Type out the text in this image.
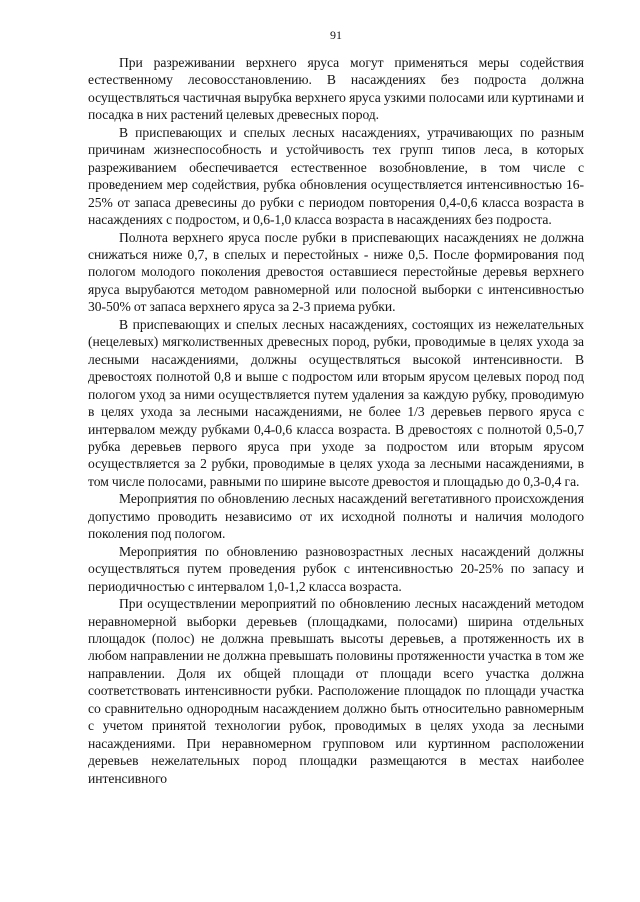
91

При разреживании верхнего яруса могут применяться меры содействия естественному лесовосстановлению. В насаждениях без подроста должна осуществляться частичная вырубка верхнего яруса узкими полосами или куртинами и посадка в них растений целевых древесных пород.

В приспевающих и спелых лесных насаждениях, утрачивающих по разным причинам жизнеспособность и устойчивость тех групп типов леса, в которых разреживанием обеспечивается естественное возобновление, в том числе с проведением мер содействия, рубка обновления осуществляется интенсивностью 16-25% от запаса древесины до рубки с периодом повторения 0,4-0,6 класса возраста в насаждениях с подростом, и 0,6-1,0 класса возраста в насаждениях без подроста.

Полнота верхнего яруса после рубки в приспевающих насаждениях не должна снижаться ниже 0,7, в спелых и перестойных - ниже 0,5. После формирования под пологом молодого поколения древостоя оставшиеся перестойные деревья верхнего яруса вырубаются методом равномерной или полосной выборки с интенсивностью 30-50% от запаса верхнего яруса за 2-3 приема рубки.

В приспевающих и спелых лесных насаждениях, состоящих из нежелательных (нецелевых) мягколиственных древесных пород, рубки, проводимые в целях ухода за лесными насаждениями, должны осуществляться высокой интенсивности. В древостоях полнотой 0,8 и выше с подростом или вторым ярусом целевых пород под пологом уход за ними осуществляется путем удаления за каждую рубку, проводимую в целях ухода за лесными насаждениями, не более 1/3 деревьев первого яруса с интервалом между рубками 0,4-0,6 класса возраста. В древостоях с полнотой 0,5-0,7 рубка деревьев первого яруса при уходе за подростом или вторым ярусом осуществляется за 2 рубки, проводимые в целях ухода за лесными насаждениями, в том числе полосами, равными по ширине высоте древостоя и площадью до 0,3-0,4 га.

Мероприятия по обновлению лесных насаждений вегетативного происхождения допустимо проводить независимо от их исходной полноты и наличия молодого поколения под пологом.

Мероприятия по обновлению разновозрастных лесных насаждений должны осуществляться путем проведения рубок с интенсивностью 20-25% по запасу и периодичностью с интервалом 1,0-1,2 класса возраста.

При осуществлении мероприятий по обновлению лесных насаждений методом неравномерной выборки деревьев (площадками, полосами) ширина отдельных площадок (полос) не должна превышать высоты деревьев, а протяженность их в любом направлении не должна превышать половины протяженности участка в том же направлении. Доля их общей площади от площади всего участка должна соответствовать интенсивности рубки. Расположение площадок по площади участка со сравнительно однородным насаждением должно быть относительно равномерным с учетом принятой технологии рубок, проводимых в целях ухода за лесными насаждениями. При неравномерном групповом или куртинном расположении деревьев нежелательных пород площадки размещаются в местах наиболее интенсивного
